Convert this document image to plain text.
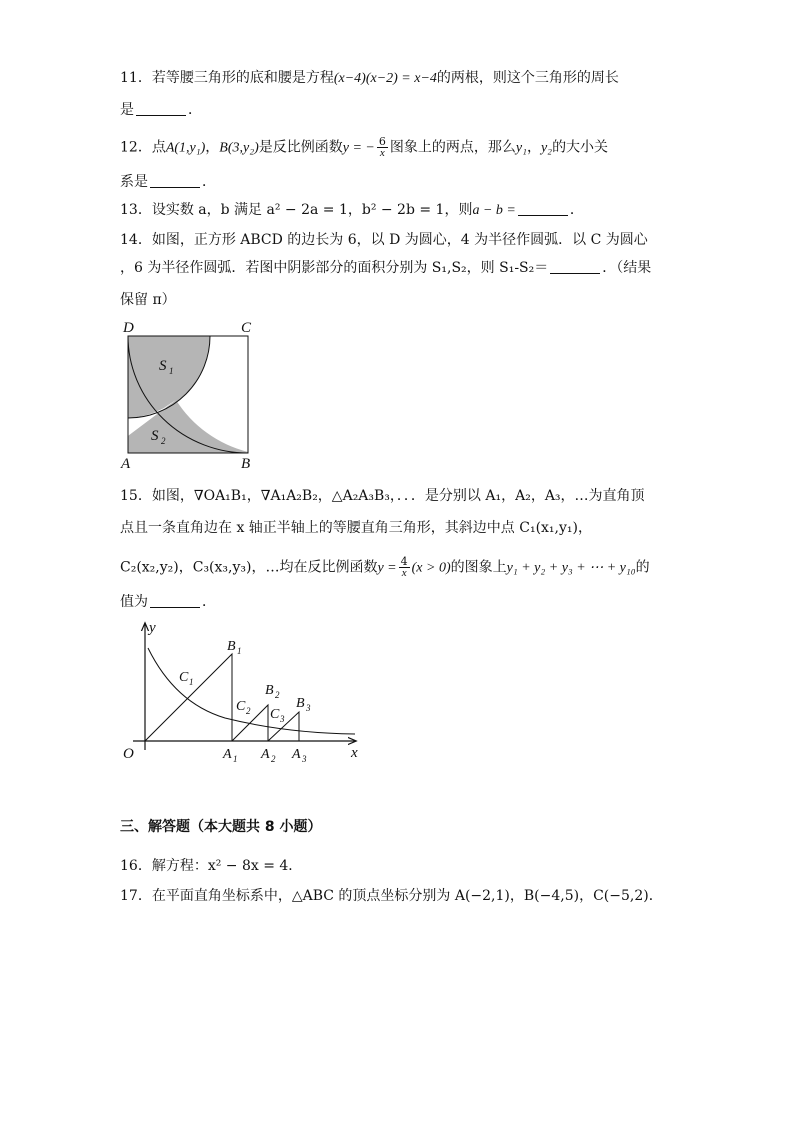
11．若等腰三角形的底和腰是方程(x−4)(x−2) = x−4的两根，则这个三角形的周长
是	．
12．点A(1,y₁)，B(3,y₂)是反比例函数y = − $\frac{6}{x}$ 图象上的两点，那么y₁，y₂的大小关
系是	．
13．设实数 a，b 满足 a² − 2a = 1，b² − 2b = 1，则a − b =	．
14．如图，正方形 ABCD 的边长为 6，以 D 为圆心，4 为半径作圆弧．以 C 为圆心
，6 为半径作圆弧．若图中阴影部分的面积分别为 S₁,S₂，则 S₁-S₂＝	．（结果
保留 π）
D	C
A	B
S 1
S 2
15．如图，∇OA₁B₁，∇A₁A₂B₂，△A₂A₃B₃，．．．是分别以 A₁，A₂，A₃，…为直角顶
点且一条直角边在 x 轴正半轴上的等腰直角三角形，其斜边中点 C₁(x₁,y₁)，
C₂(x₂,y₂)，C₃(x₃,y₃)，…均在反比例函数$y = \frac{4}{x} (x > 0)$的图象上y₁ + y₂ + y₃ + ⋯ + y₁₀的
值为	．
y
x
O
B 1
B 2
B 3
C 1
C 2 C 3
A 1 A 2 A 3
三、解答题（本大题共 8 小题）
16．解方程：x² − 8x = 4．
17．在平面直角坐标系中，△ABC 的顶点坐标分别为 A(−2,1)，B(−4,5)，C(−5,2)．
